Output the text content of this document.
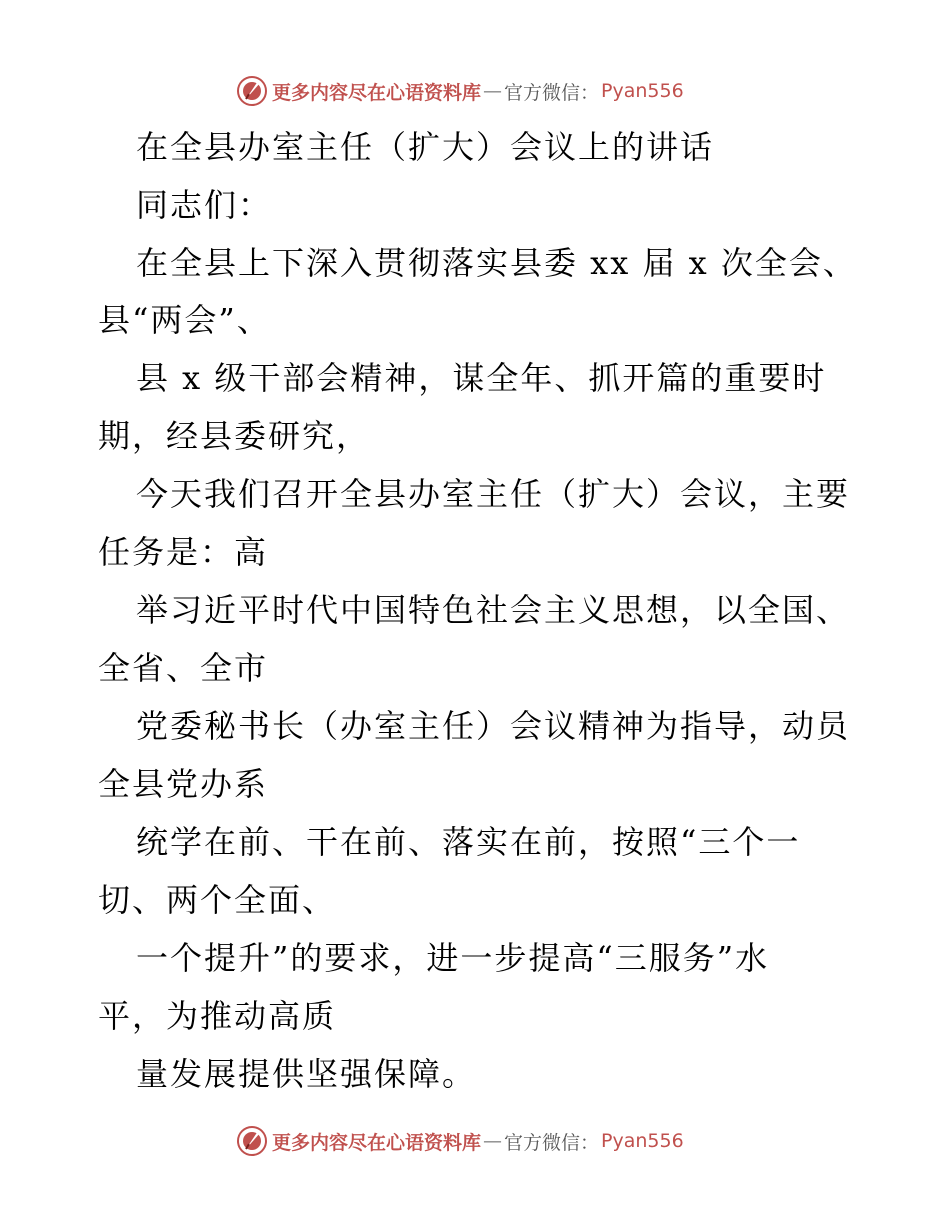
更多内容尽在心语资料库 — 官方微信： Pyan556
在全县办室主任（扩大）会议上的讲话
同志们：
在全县上下深入贯彻落实县委 xx 届 x 次全会、
县“两会”、
县 x 级干部会精神，谋全年、抓开篇的重要时
期，经县委研究，
今天我们召开全县办室主任（扩大）会议，主要
任务是：高
举习近平时代中国特色社会主义思想，以全国、
全省、全市
党委秘书长（办室主任）会议精神为指导，动员
全县党办系
统学在前、干在前、落实在前，按照“三个一
切、两个全面、
一个提升”的要求，进一步提高“三服务”水
平，为推动高质
量发展提供坚强保障。
更多内容尽在心语资料库 — 官方微信： Pyan556
